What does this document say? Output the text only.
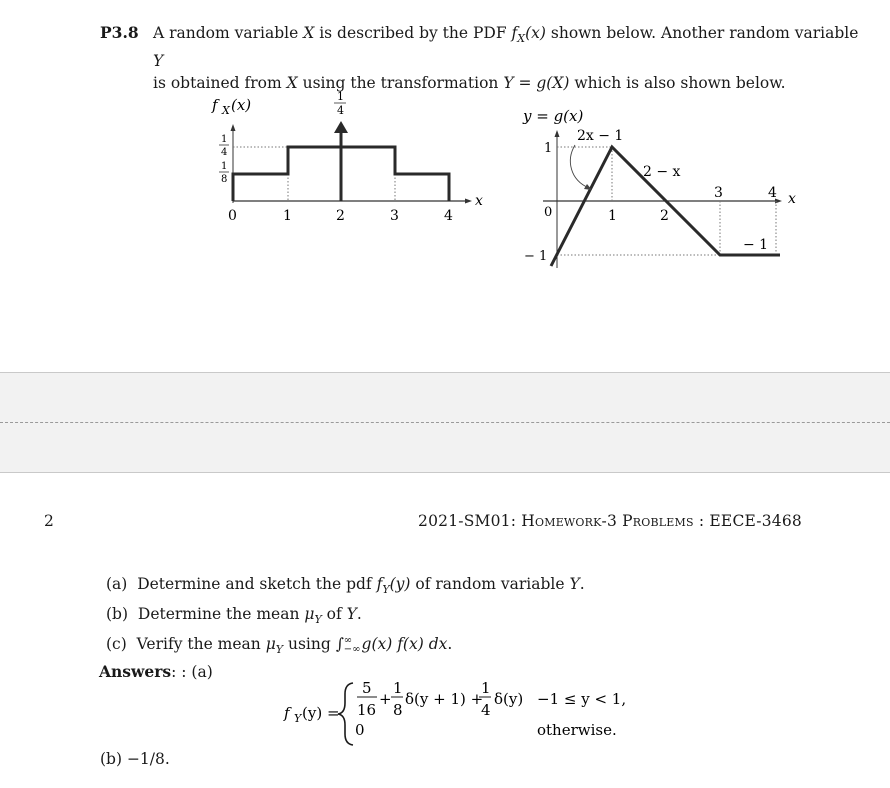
P3.8 A random variable X is described by the PDF $f_X(x)$ shown below. Another random variable Y
is obtained from X using the transformation Y = g(X) which is also shown below.
f X (x)
x
1
4
1
4
1
8
0	1	2	3	4
y = g(x)
x
2x − 1
2 − x
− 1
1
− 1
0	1	2
3	4
2	2021-SM01: Homework-3 Problems : EECE-3468
(a) Determine and sketch the pdf $f_Y(y)$ of random variable Y.
(b) Determine the mean $\mu_Y$ of Y.
(c) Verify the mean $\mu_Y$ using ∫ ∞
−∞ g(x) f(x) dx.
Answers: : (a)
f Y (y) =
5
16
+
1
8
δ(y + 1) +
1
4
δ(y) −1 ≤ y < 1,
0	otherwise.
(b) −1/8.
